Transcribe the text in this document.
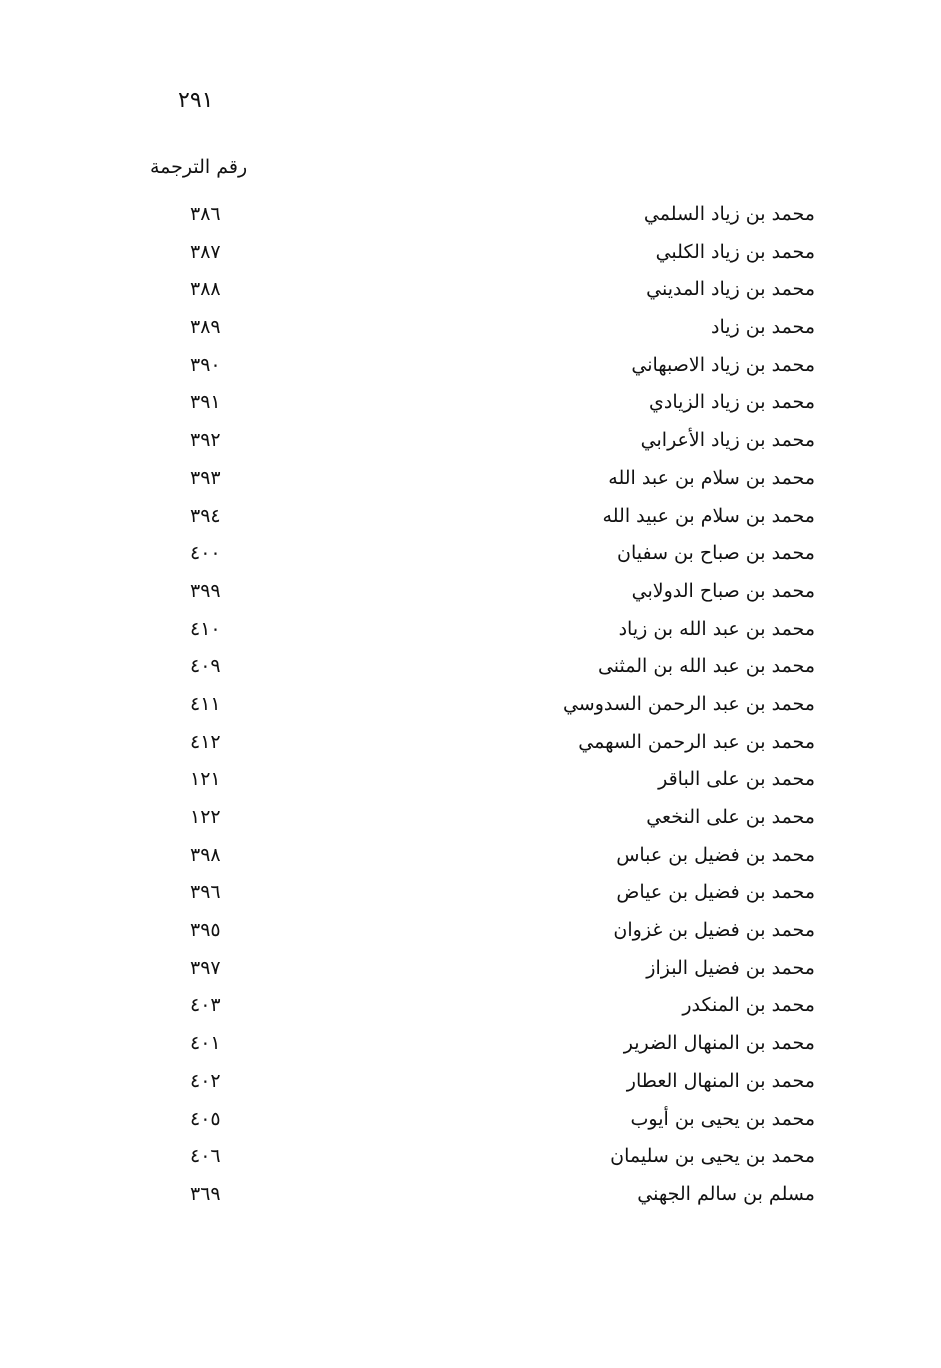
٢٩١
رقم الترجمة
محمد بن زياد السلمي
٣٨٦
محمد بن زياد الكلبي
٣٨٧
محمد بن زياد المديني
٣٨٨
محمد بن زياد
٣٨٩
محمد بن زياد الاصبهاني
٣٩٠
محمد بن زياد الزيادي
٣٩١
محمد بن زياد الأعرابي
٣٩٢
محمد بن سلام بن عبد الله
٣٩٣
محمد بن سلام بن عبيد الله
٣٩٤
محمد بن صباح بن سفيان
٤٠٠
محمد بن صباح الدولابي
٣٩٩
محمد بن عبد الله بن زياد
٤١٠
محمد بن عبد الله بن المثنى
٤٠٩
محمد بن عبد الرحمن السدوسي
٤١١
محمد بن عبد الرحمن السهمي
٤١٢
محمد بن على الباقر
١٢١
محمد بن على النخعي
١٢٢
محمد بن فضيل بن عباس
٣٩٨
محمد بن فضيل بن عياض
٣٩٦
محمد بن فضيل بن غزوان
٣٩٥
محمد بن فضيل البزاز
٣٩٧
محمد بن المنكدر
٤٠٣
محمد بن المنهال الضرير
٤٠١
محمد بن المنهال العطار
٤٠٢
محمد بن يحيى بن أيوب
٤٠٥
محمد بن يحيى بن سليمان
٤٠٦
مسلم بن سالم الجهني
٣٦٩
